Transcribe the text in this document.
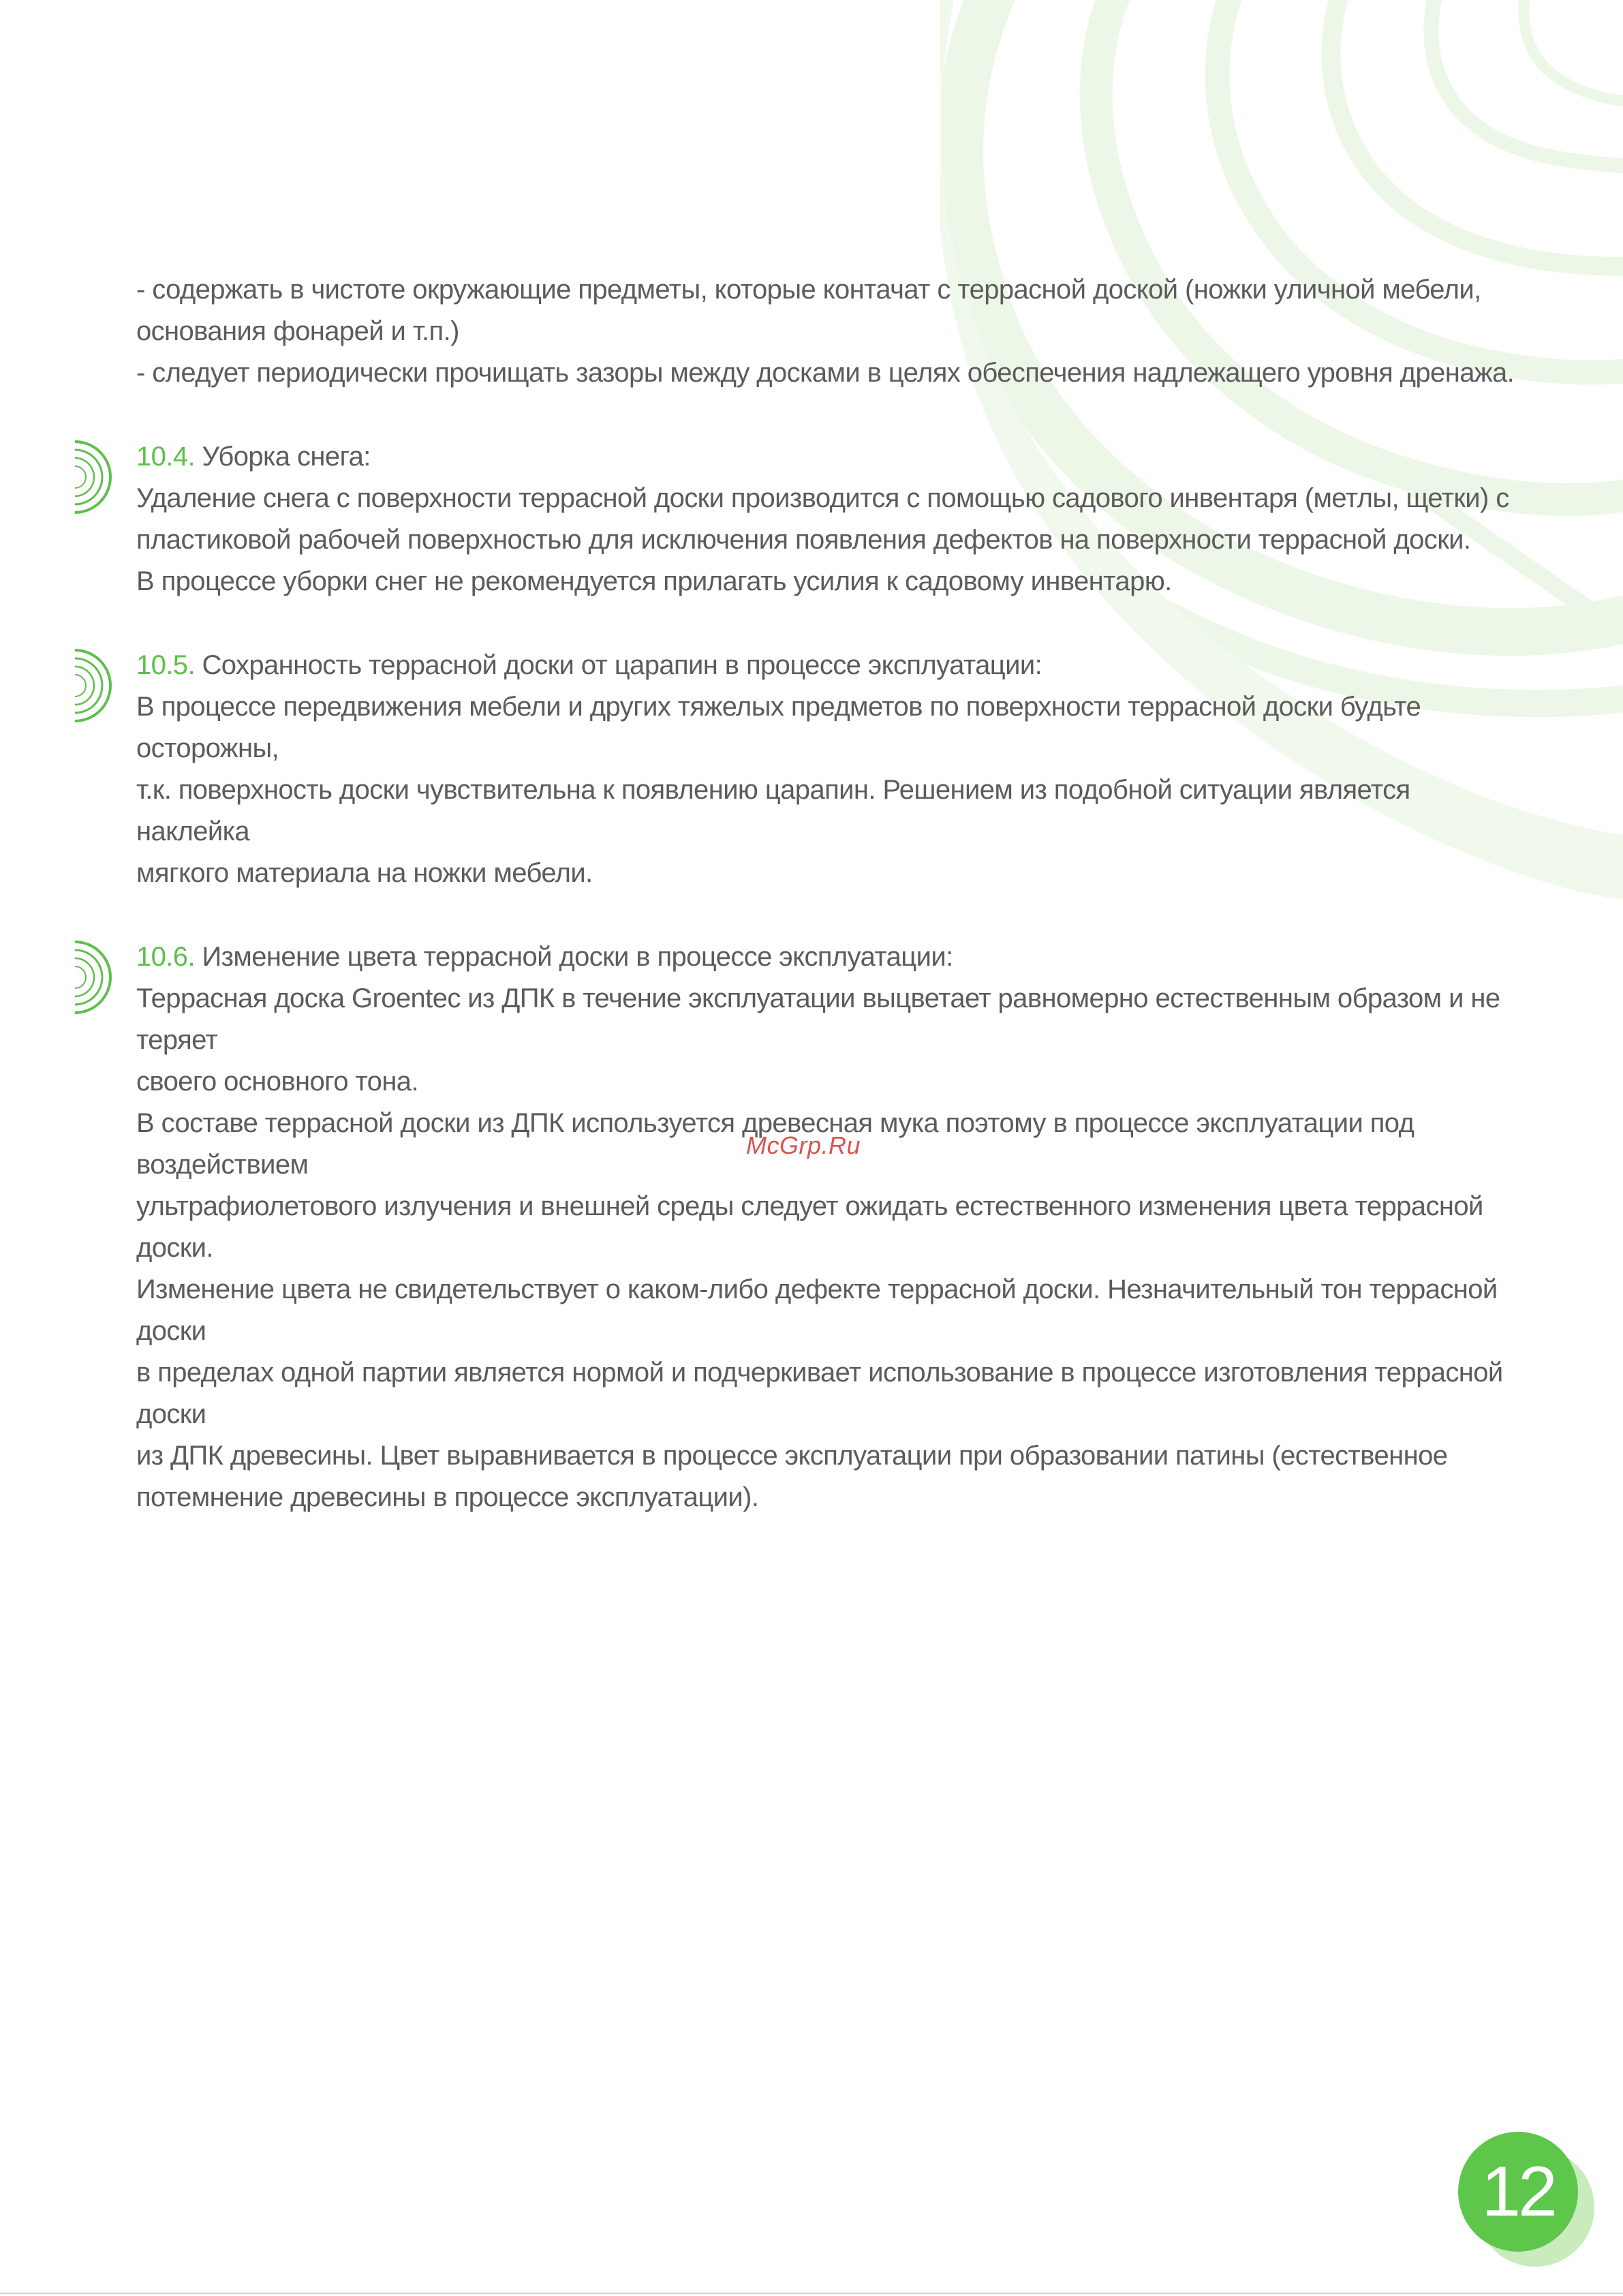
- содержать в чистоте окружающие предметы, которые контачат с террасной доской (ножки уличной мебели,

основания фонарей и т.п.)

- следует периодически прочищать зазоры между досками в целях обеспечения надлежащего уровня дренажа.

10.4. Уборка снега:

Удаление снега с поверхности террасной доски производится с помощью садового инвентаря (метлы, щетки) с

пластиковой рабочей поверхностью для исключения появления дефектов на поверхности террасной доски.

В процессе уборки снег не рекомендуется прилагать усилия к садовому инвентарю.

10.5. Сохранность террасной доски от царапин в процессе эксплуатации:

В процессе передвижения мебели и других тяжелых предметов по поверхности террасной доски будьте осторожны,

т.к. поверхность доски чувствительна к появлению царапин. Решением из подобной ситуации является наклейка

мягкого материала на ножки мебели.

10.6. Изменение цвета террасной доски в процессе эксплуатации:

Террасная доска Groentec из ДПК в течение эксплуатации выцветает равномерно естественным образом и не теряет

своего основного тона.

В составе террасной доски из ДПК используется древесная мука поэтому в процессе эксплуатации под воздействием

ультрафиолетового излучения и внешней среды следует ожидать естественного изменения цвета террасной доски.

Изменение цвета не свидетельствует о каком-либо дефекте террасной доски. Незначительный тон террасной доски

в пределах одной партии является нормой и подчеркивает использование в процессе изготовления террасной доски

из ДПК древесины. Цвет выравнивается в процессе эксплуатации при образовании патины (естественное

потемнение древесины в процессе эксплуатации).

McGrp.Ru
12
